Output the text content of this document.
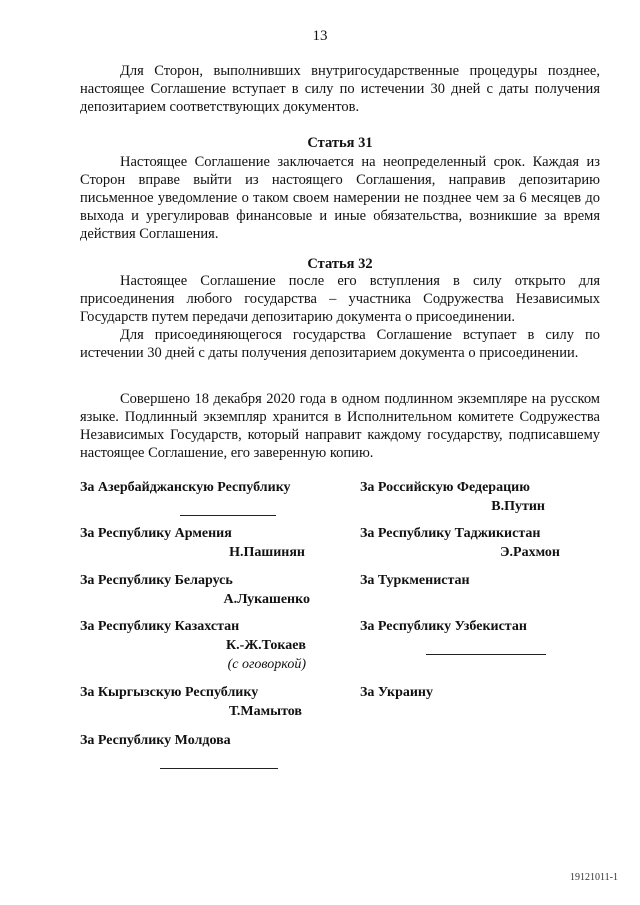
13

Для Сторон, выполнивших внутригосударственные процедуры позднее, настоящее Соглашение вступает в силу по истечении 30 дней с даты получения депозитарием соответствующих документов.

Статья 31

Настоящее Соглашение заключается на неопределенный срок. Каждая из Сторон вправе выйти из настоящего Соглашения, направив депозитарию письменное уведомление о таком своем намерении не позднее чем за 6 месяцев до выхода и урегулировав финансовые и иные обязательства, возникшие за время действия Соглашения.

Статья 32

Настоящее Соглашение после его вступления в силу открыто для присоединения любого государства – участника Содружества Независимых Государств путем передачи депозитарию документа о присоединении.

Для присоединяющегося государства Соглашение вступает в силу по истечении 30 дней с даты получения депозитарием документа о присоединении.

Совершено 18 декабря 2020 года в одном подлинном экземпляре на русском языке. Подлинный экземпляр хранится в Исполнительном комитете Содружества Независимых Государств, который направит каждому государству, подписавшему настоящее Соглашение, его заверенную копию.

За Азербайджанскую Республику
За Республику Армения
Н.Пашинян
За Республику Беларусь
А.Лукашенко
За Республику Казахстан
К.-Ж.Токаев
(с оговоркой)
За Кыргызскую Республику
Т.Мамытов
За Республику Молдова
За Российскую Федерацию
В.Путин
За Республику Таджикистан
Э.Рахмон
За Туркменистан
За Республику Узбекистан
За Украину
19121011-1
